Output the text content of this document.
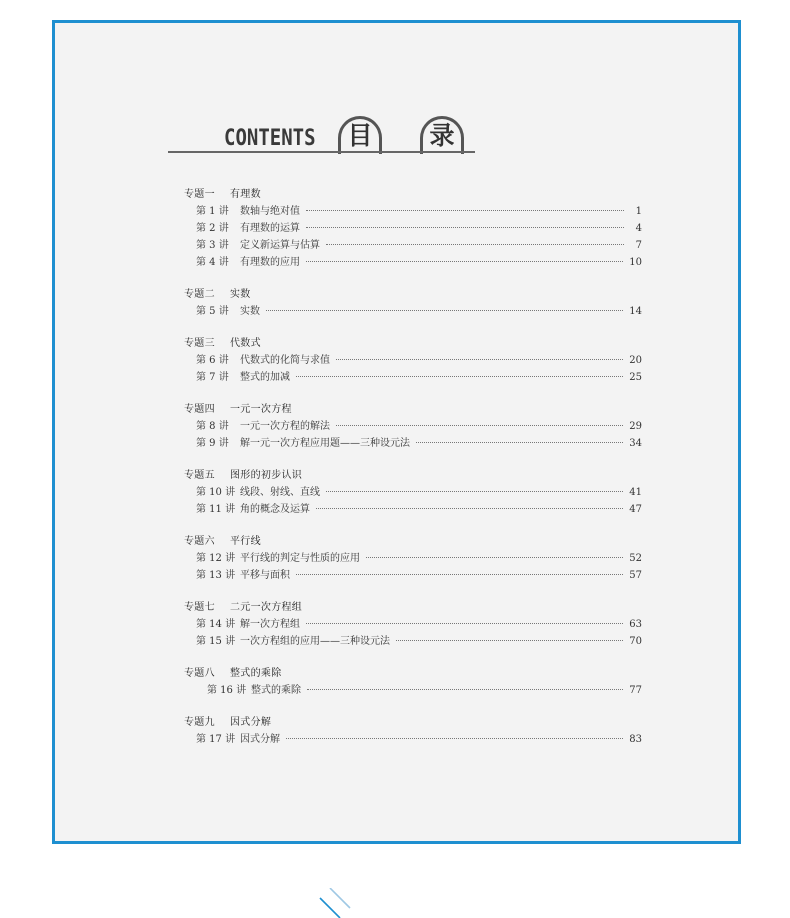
CONTENTS	目	录
专题一 有理数
第 1 讲	数轴与绝对值	1
第 2 讲	有理数的运算	4
第 3 讲	定义新运算与估算	7
第 4 讲	有理数的应用	10
专题二 实数
第 5 讲	实数	14
专题三 代数式
第 6 讲	代数式的化简与求值	20
第 7 讲	整式的加减	25
专题四 一元一次方程
第 8 讲	一元一次方程的解法	29
第 9 讲	解一元一次方程应用题——三种设元法	34
专题五 图形的初步认识
第 10 讲 线段、射线、直线	41
第 11 讲 角的概念及运算	47
专题六 平行线
第 12 讲 平行线的判定与性质的应用	52
第 13 讲 平移与面积	57
专题七 二元一次方程组
第 14 讲 解一次方程组	63
第 15 讲 一次方程组的应用——三种设元法	70
专题八 整式的乘除
第 16 讲 整式的乘除	77
专题九 因式分解
第 17 讲 因式分解	83
